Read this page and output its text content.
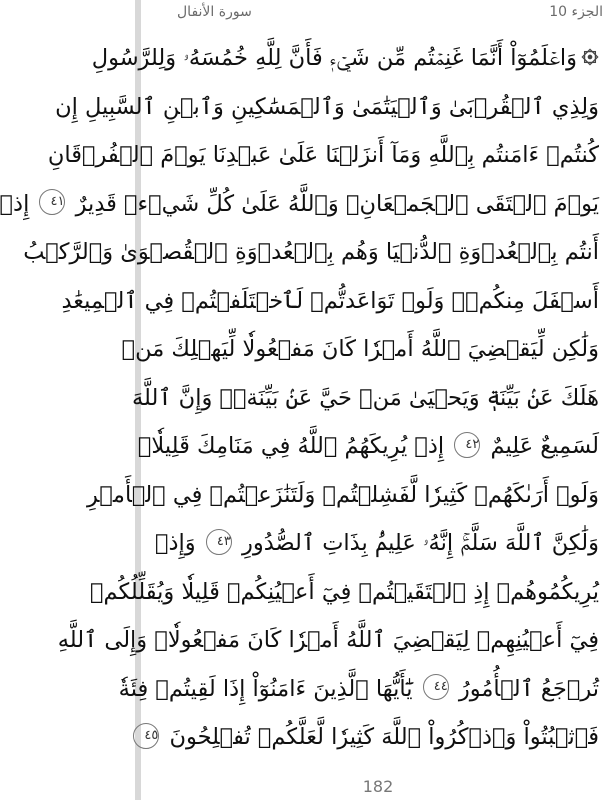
الجزء 10
سورة الأنفال
وَاعۡلَمُوٓاْ أَنَّمَا غَنِمۡتُم مِّن شَيۡءٖ فَأَنَّ لِلَّهِ خُمُسَهُۥ وَلِلرَّسُولِ
وَلِذِي ٱلۡقُرۡبَىٰ وَٱلۡيَتَٰمَىٰ وَٱلۡمَسَٰكِينِ وَٱبۡنِ ٱلسَّبِيلِ إِن
كُنتُمۡ ءَامَنتُم بِٱللَّهِ وَمَآ أَنزَلۡنَا عَلَىٰ عَبۡدِنَا يَوۡمَ ٱلۡفُرۡقَانِ
يَوۡمَ ٱلۡتَقَى ٱلۡجَمۡعَانِۗ وَٱللَّهُ عَلَىٰ كُلِّ شَيۡءٖ قَدِيرٌ ٤١ إِذۡ
أَنتُم بِٱلۡعُدۡوَةِ ٱلدُّنۡيَا وَهُم بِٱلۡعُدۡوَةِ ٱلۡقُصۡوَىٰ وَٱلرَّكۡبُ
أَسۡفَلَ مِنكُمۡۚ وَلَوۡ تَوَاعَدتُّمۡ لَٱخۡتَلَفۡتُمۡ فِي ٱلۡمِيعَٰدِ
وَلَٰكِن لِّيَقۡضِيَ ٱللَّهُ أَمۡرٗا كَانَ مَفۡعُولٗا لِّيَهۡلِكَ مَنۡ
هَلَكَ عَنۢ بَيِّنَةٖ وَيَحۡيَىٰ مَنۡ حَيَّ عَنۢ بَيِّنَةٖۗ وَإِنَّ ٱللَّهَ
لَسَمِيعٌ عَلِيمٌ ٤٢ إِذۡ يُرِيكَهُمُ ٱللَّهُ فِي مَنَامِكَ قَلِيلٗاۖ
وَلَوۡ أَرَىٰكَهُمۡ كَثِيرٗا لَّفَشِلۡتُمۡ وَلَتَنَٰزَعۡتُمۡ فِي ٱلۡأَمۡرِ
وَلَٰكِنَّ ٱللَّهَ سَلَّمَۚ إِنَّهُۥ عَلِيمُۢ بِذَاتِ ٱلصُّدُورِ ٤٣ وَإِذۡ
يُرِيكُمُوهُمۡ إِذِ ٱلۡتَقَيۡتُمۡ فِيٓ أَعۡيُنِكُمۡ قَلِيلٗا وَيُقَلِّلُكُمۡ
فِيٓ أَعۡيُنِهِمۡ لِيَقۡضِيَ ٱللَّهُ أَمۡرٗا كَانَ مَفۡعُولٗاۗ وَإِلَى ٱللَّهِ
تُرۡجَعُ ٱلۡأُمُورُ ٤٤ يَٰٓأَيُّهَا ٱلَّذِينَ ءَامَنُوٓاْ إِذَا لَقِيتُمۡ فِئَةٗ
فَٱثۡبُتُواْ وَٱذۡكُرُواْ ٱللَّهَ كَثِيرٗا لَّعَلَّكُمۡ تُفۡلِحُونَ ٤٥
182
